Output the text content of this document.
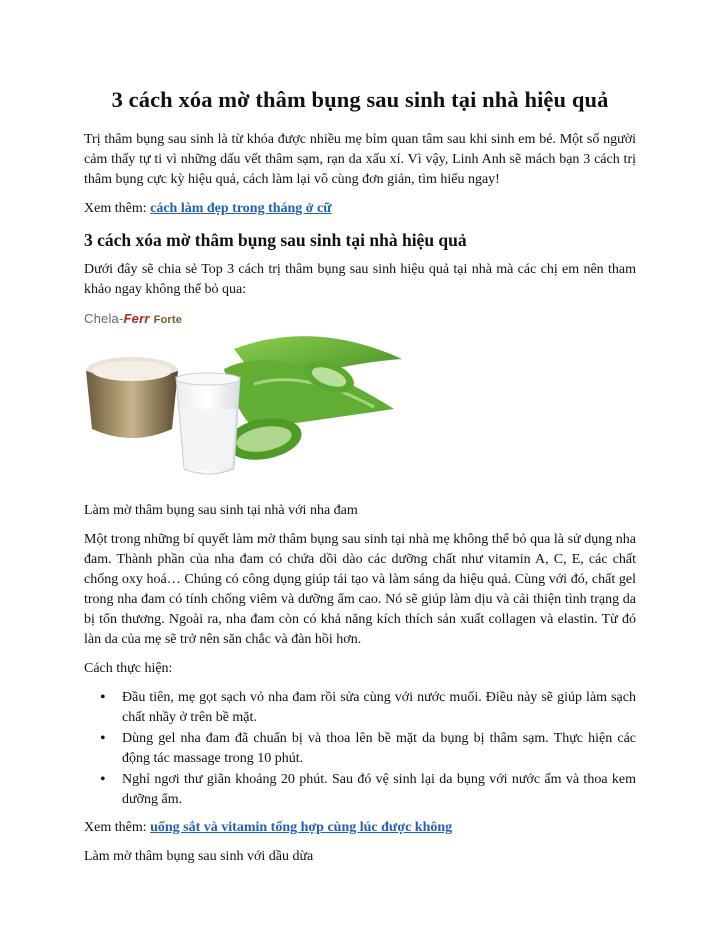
3 cách xóa mờ thâm bụng sau sinh tại nhà hiệu quả

Trị thâm bụng sau sinh là từ khóa được nhiều mẹ bỉm quan tâm sau khi sinh em bé. Một số người cảm thấy tự ti vì những dấu vết thâm sạm, rạn da xấu xí. Vì vậy, Linh Anh sẽ mách bạn 3 cách trị thâm bụng cực kỳ hiệu quả, cách làm lại vô cùng đơn giản, tìm hiểu ngay!

Xem thêm: cách làm đẹp trong tháng ở cữ

3 cách xóa mờ thâm bụng sau sinh tại nhà hiệu quả

Dưới đây sẽ chia sẻ Top 3 cách trị thâm bụng sau sinh hiệu quả tại nhà mà các chị em nên tham khảo ngay không thể bỏ qua:

Chela-Ferr Forte

Làm mờ thâm bụng sau sinh tại nhà với nha đam

Một trong những bí quyết làm mờ thâm bụng sau sinh tại nhà mẹ không thể bỏ qua là sử dụng nha đam. Thành phần của nha đam có chứa dồi dào các dưỡng chất như vitamin A, C, E, các chất chống oxy hoá… Chúng có công dụng giúp tái tạo và làm sáng da hiệu quả. Cùng với đó, chất gel trong nha đam có tính chống viêm và dưỡng ẩm cao. Nó sẽ giúp làm dịu và cải thiện tình trạng da bị tổn thương. Ngoài ra, nha đam còn có khả năng kích thích sản xuất collagen và elastin. Từ đó làn da của mẹ sẽ trở nên săn chắc và đàn hồi hơn.

Cách thực hiện:

• Đầu tiên, mẹ gọt sạch vỏ nha đam rồi sửa cùng với nước muối. Điều này sẽ giúp làm sạch chất nhầy ở trên bề mặt.
• Dùng gel nha đam đã chuẩn bị và thoa lên bề mặt da bụng bị thâm sạm. Thực hiện các động tác massage trong 10 phút.
• Nghỉ ngơi thư giãn khoảng 20 phút. Sau đó vệ sinh lại da bụng với nước ấm và thoa kem dưỡng ẩm.

Xem thêm: uống sắt và vitamin tổng hợp cùng lúc được không

Làm mờ thâm bụng sau sinh với dầu dừa
